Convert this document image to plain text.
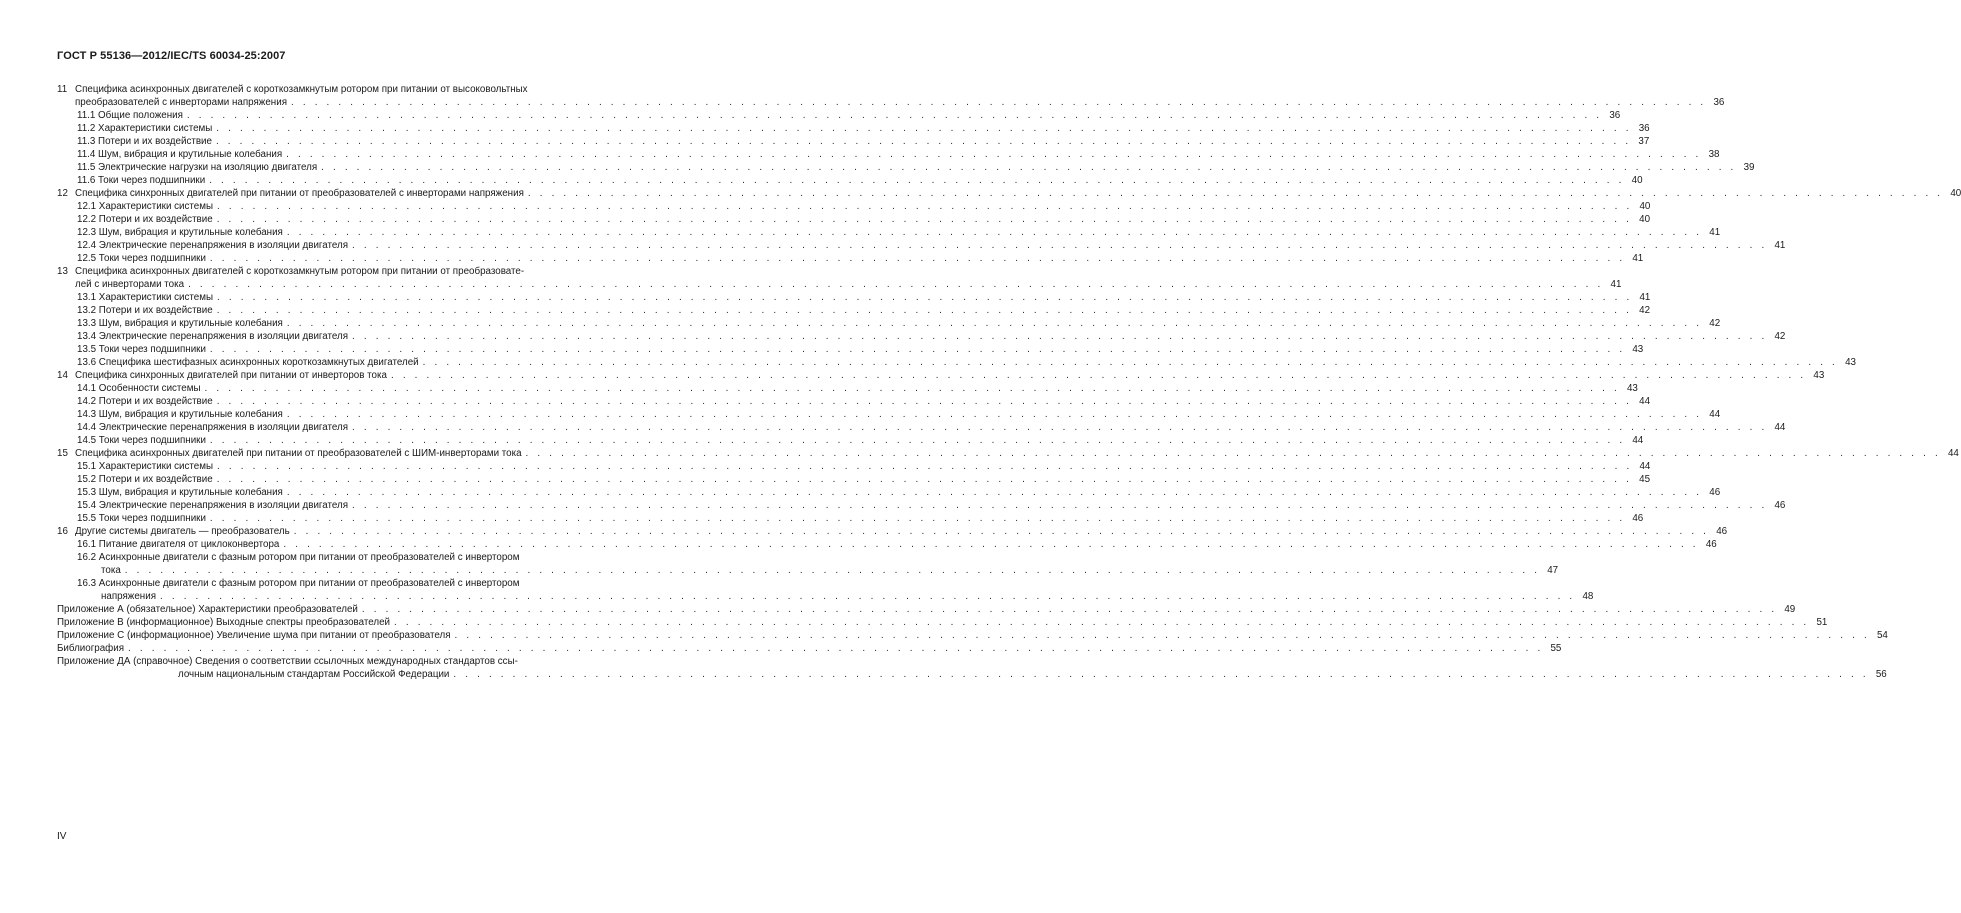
ГОСТ Р 55136—2012/IEC/TS 60034-25:2007
11 Спецификa асинхронных двигателей с короткозамкнутым ротором при питании от высоковольтных
преобразователей с инверторами напряжения . . . . . . . . . . . . . . . . . . . . . . . . . . . . . . . . . . . . . . . . . . . . . . . . . . . . . . . . . . . . . . . . . . . . . . . . . . . . . . . . . . . . . . . . . . . . . . . . . . . . . . . . . . . . . . . . . . . . . . . . 36
11.1 Общие положения . . . . . . . . . . . . . . . . . . . . . . . . . . . . . . . . . . . . . . . . . . . . . . . . . . . . . . . . . . . . . . . . . . . . . . . . . . . . . . . . . . . . . . . . . . . . . . . . . . . . . . . . . . . . . . . . . . . . . . . . 36
11.2 Характеристики системы . . . . . . . . . . . . . . . . . . . . . . . . . . . . . . . . . . . . . . . . . . . . . . . . . . . . . . . . . . . . . . . . . . . . . . . . . . . . . . . . . . . . . . . . . . . . . . . . . . . . . . . . . . . . . . . . . . . . . . . . 36
11.3 Потери и их воздействие . . . . . . . . . . . . . . . . . . . . . . . . . . . . . . . . . . . . . . . . . . . . . . . . . . . . . . . . . . . . . . . . . . . . . . . . . . . . . . . . . . . . . . . . . . . . . . . . . . . . . . . . . . . . . . . . . . . . . . . . 37
11.4 Шум, вибрация и крутильные колебания . . . . . . . . . . . . . . . . . . . . . . . . . . . . . . . . . . . . . . . . . . . . . . . . . . . . . . . . . . . . . . . . . . . . . . . . . . . . . . . . . . . . . . . . . . . . . . . . . . . . . . . . . . . . . . . . . . . . . . . . 38
11.5 Электрические нагрузки на изоляцию двигателя . . . . . . . . . . . . . . . . . . . . . . . . . . . . . . . . . . . . . . . . . . . . . . . . . . . . . . . . . . . . . . . . . . . . . . . . . . . . . . . . . . . . . . . . . . . . . . . . . . . . . . . . . . . . . . . . . . . . . . . . 39
11.6 Токи через подшипники . . . . . . . . . . . . . . . . . . . . . . . . . . . . . . . . . . . . . . . . . . . . . . . . . . . . . . . . . . . . . . . . . . . . . . . . . . . . . . . . . . . . . . . . . . . . . . . . . . . . . . . . . . . . . . . . . . . . . . . . 40
12 Спецификa синхронных двигателей при питании от преобразователей с инверторами напряжения . . . . . . . . . . . . . . . . . . . . . . . . . . . . . . . . . . . . . . . . . . . . . . . . . . . . . . . . . . . . . . . . . . . . . . . . . . . . . . . . . . . . . . . . . . . . . . . . . . . . . . . . . . . . . . . . . . . . . . . . 40
12.1 Характеристики системы . . . . . . . . . . . . . . . . . . . . . . . . . . . . . . . . . . . . . . . . . . . . . . . . . . . . . . . . . . . . . . . . . . . . . . . . . . . . . . . . . . . . . . . . . . . . . . . . . . . . . . . . . . . . . . . . . . . . . . . . 40
12.2 Потери и их воздействие . . . . . . . . . . . . . . . . . . . . . . . . . . . . . . . . . . . . . . . . . . . . . . . . . . . . . . . . . . . . . . . . . . . . . . . . . . . . . . . . . . . . . . . . . . . . . . . . . . . . . . . . . . . . . . . . . . . . . . . . 40
12.3 Шум, вибрация и крутильные колебания . . . . . . . . . . . . . . . . . . . . . . . . . . . . . . . . . . . . . . . . . . . . . . . . . . . . . . . . . . . . . . . . . . . . . . . . . . . . . . . . . . . . . . . . . . . . . . . . . . . . . . . . . . . . . . . . . . . . . . . . 41
12.4 Электрические перенапряжения в изоляции двигателя . . . . . . . . . . . . . . . . . . . . . . . . . . . . . . . . . . . . . . . . . . . . . . . . . . . . . . . . . . . . . . . . . . . . . . . . . . . . . . . . . . . . . . . . . . . . . . . . . . . . . . . . . . . . . . . . . . . . . . . . 41
12.5 Токи через подшипники . . . . . . . . . . . . . . . . . . . . . . . . . . . . . . . . . . . . . . . . . . . . . . . . . . . . . . . . . . . . . . . . . . . . . . . . . . . . . . . . . . . . . . . . . . . . . . . . . . . . . . . . . . . . . . . . . . . . . . . . 41
13 Спецификa асинхронных двигателей с короткозамкнутым ротором при питании от преобразовате-
лей с инверторами тока . . . . . . . . . . . . . . . . . . . . . . . . . . . . . . . . . . . . . . . . . . . . . . . . . . . . . . . . . . . . . . . . . . . . . . . . . . . . . . . . . . . . . . . . . . . . . . . . . . . . . . . . . . . . . . . . . . . . . . . . 41
13.1 Характеристики системы . . . . . . . . . . . . . . . . . . . . . . . . . . . . . . . . . . . . . . . . . . . . . . . . . . . . . . . . . . . . . . . . . . . . . . . . . . . . . . . . . . . . . . . . . . . . . . . . . . . . . . . . . . . . . . . . . . . . . . . . 41
13.2 Потери и их воздействие . . . . . . . . . . . . . . . . . . . . . . . . . . . . . . . . . . . . . . . . . . . . . . . . . . . . . . . . . . . . . . . . . . . . . . . . . . . . . . . . . . . . . . . . . . . . . . . . . . . . . . . . . . . . . . . . . . . . . . . . 42
13.3 Шум, вибрация и крутильные колебания . . . . . . . . . . . . . . . . . . . . . . . . . . . . . . . . . . . . . . . . . . . . . . . . . . . . . . . . . . . . . . . . . . . . . . . . . . . . . . . . . . . . . . . . . . . . . . . . . . . . . . . . . . . . . . . . . . . . . . . . 42
13.4 Электрические перенапряжения в изоляции двигателя . . . . . . . . . . . . . . . . . . . . . . . . . . . . . . . . . . . . . . . . . . . . . . . . . . . . . . . . . . . . . . . . . . . . . . . . . . . . . . . . . . . . . . . . . . . . . . . . . . . . . . . . . . . . . . . . . . . . . . . . 42
13.5 Токи через подшипники . . . . . . . . . . . . . . . . . . . . . . . . . . . . . . . . . . . . . . . . . . . . . . . . . . . . . . . . . . . . . . . . . . . . . . . . . . . . . . . . . . . . . . . . . . . . . . . . . . . . . . . . . . . . . . . . . . . . . . . . 43
13.6 Спецификa шестифазных асинхронных короткозамкнутых двигателей . . . . . . . . . . . . . . . . . . . . . . . . . . . . . . . . . . . . . . . . . . . . . . . . . . . . . . . . . . . . . . . . . . . . . . . . . . . . . . . . . . . . . . . . . . . . . . . . . . . . . . . . . . . . . . . . . . . . . . . . 43
14 Спецификa синхронных двигателей при питании от инверторов тока . . . . . . . . . . . . . . . . . . . . . . . . . . . . . . . . . . . . . . . . . . . . . . . . . . . . . . . . . . . . . . . . . . . . . . . . . . . . . . . . . . . . . . . . . . . . . . . . . . . . . . . . . . . . . . . . . . . . . . . . 43
14.1 Особенности системы . . . . . . . . . . . . . . . . . . . . . . . . . . . . . . . . . . . . . . . . . . . . . . . . . . . . . . . . . . . . . . . . . . . . . . . . . . . . . . . . . . . . . . . . . . . . . . . . . . . . . . . . . . . . . . . . . . . . . . . . 43
14.2 Потери и их воздействие . . . . . . . . . . . . . . . . . . . . . . . . . . . . . . . . . . . . . . . . . . . . . . . . . . . . . . . . . . . . . . . . . . . . . . . . . . . . . . . . . . . . . . . . . . . . . . . . . . . . . . . . . . . . . . . . . . . . . . . . 44
14.3 Шум, вибрация и крутильные колебания . . . . . . . . . . . . . . . . . . . . . . . . . . . . . . . . . . . . . . . . . . . . . . . . . . . . . . . . . . . . . . . . . . . . . . . . . . . . . . . . . . . . . . . . . . . . . . . . . . . . . . . . . . . . . . . . . . . . . . . . 44
14.4 Электрические перенапряжения в изоляции двигателя . . . . . . . . . . . . . . . . . . . . . . . . . . . . . . . . . . . . . . . . . . . . . . . . . . . . . . . . . . . . . . . . . . . . . . . . . . . . . . . . . . . . . . . . . . . . . . . . . . . . . . . . . . . . . . . . . . . . . . . . 44
14.5 Токи через подшипники . . . . . . . . . . . . . . . . . . . . . . . . . . . . . . . . . . . . . . . . . . . . . . . . . . . . . . . . . . . . . . . . . . . . . . . . . . . . . . . . . . . . . . . . . . . . . . . . . . . . . . . . . . . . . . . . . . . . . . . . 44
15 Спецификa асинхронных двигателей при питании от преобразователей с ШИМ-инверторами тока . . . . . . . . . . . . . . . . . . . . . . . . . . . . . . . . . . . . . . . . . . . . . . . . . . . . . . . . . . . . . . . . . . . . . . . . . . . . . . . . . . . . . . . . . . . . . . . . . . . . . . . . . . . . . . . . . . . . . . . . 44
15.1 Характеристики системы . . . . . . . . . . . . . . . . . . . . . . . . . . . . . . . . . . . . . . . . . . . . . . . . . . . . . . . . . . . . . . . . . . . . . . . . . . . . . . . . . . . . . . . . . . . . . . . . . . . . . . . . . . . . . . . . . . . . . . . . 44
15.2 Потери и их воздействие . . . . . . . . . . . . . . . . . . . . . . . . . . . . . . . . . . . . . . . . . . . . . . . . . . . . . . . . . . . . . . . . . . . . . . . . . . . . . . . . . . . . . . . . . . . . . . . . . . . . . . . . . . . . . . . . . . . . . . . . 45
15.3 Шум, вибрация и крутильные колебания . . . . . . . . . . . . . . . . . . . . . . . . . . . . . . . . . . . . . . . . . . . . . . . . . . . . . . . . . . . . . . . . . . . . . . . . . . . . . . . . . . . . . . . . . . . . . . . . . . . . . . . . . . . . . . . . . . . . . . . . 46
15.4 Электрические перенапряжения в изоляции двигателя . . . . . . . . . . . . . . . . . . . . . . . . . . . . . . . . . . . . . . . . . . . . . . . . . . . . . . . . . . . . . . . . . . . . . . . . . . . . . . . . . . . . . . . . . . . . . . . . . . . . . . . . . . . . . . . . . . . . . . . . 46
15.5 Токи через подшипники . . . . . . . . . . . . . . . . . . . . . . . . . . . . . . . . . . . . . . . . . . . . . . . . . . . . . . . . . . . . . . . . . . . . . . . . . . . . . . . . . . . . . . . . . . . . . . . . . . . . . . . . . . . . . . . . . . . . . . . . 46
16 Другие системы двигатель — преобразователь . . . . . . . . . . . . . . . . . . . . . . . . . . . . . . . . . . . . . . . . . . . . . . . . . . . . . . . . . . . . . . . . . . . . . . . . . . . . . . . . . . . . . . . . . . . . . . . . . . . . . . . . . . . . . . . . . . . . . . . . 46
16.1 Питание двигателя от циклоконвертора . . . . . . . . . . . . . . . . . . . . . . . . . . . . . . . . . . . . . . . . . . . . . . . . . . . . . . . . . . . . . . . . . . . . . . . . . . . . . . . . . . . . . . . . . . . . . . . . . . . . . . . . . . . . . . . . . . . . . . . . 46
16.2 Асинхронные двигатели с фазным ротором при питании от преобразователей с инвертором
тока . . . . . . . . . . . . . . . . . . . . . . . . . . . . . . . . . . . . . . . . . . . . . . . . . . . . . . . . . . . . . . . . . . . . . . . . . . . . . . . . . . . . . . . . . . . . . . . . . . . . . . . . . . . . . . . . . . . . . . . . 47
16.3 Асинхронные двигатели с фазным ротором при питании от преобразователей с инвертором
напряжения . . . . . . . . . . . . . . . . . . . . . . . . . . . . . . . . . . . . . . . . . . . . . . . . . . . . . . . . . . . . . . . . . . . . . . . . . . . . . . . . . . . . . . . . . . . . . . . . . . . . . . . . . . . . . . . . . . . . . . . . 48
Приложение А (обязательное) Характеристики преобразователей . . . . . . . . . . . . . . . . . . . . . . . . . . . . . . . . . . . . . . . . . . . . . . . . . . . . . . . . . . . . . . . . . . . . . . . . . . . . . . . . . . . . . . . . . . . . . . . . . . . . . . . . . . . . . . . . . . . . . . . . 49
Приложение В (информационное) Выходные спектры преобразователей . . . . . . . . . . . . . . . . . . . . . . . . . . . . . . . . . . . . . . . . . . . . . . . . . . . . . . . . . . . . . . . . . . . . . . . . . . . . . . . . . . . . . . . . . . . . . . . . . . . . . . . . . . . . . . . . . . . . . . . . 51
Приложение С (информационное) Увеличение шума при питании от преобразователя . . . . . . . . . . . . . . . . . . . . . . . . . . . . . . . . . . . . . . . . . . . . . . . . . . . . . . . . . . . . . . . . . . . . . . . . . . . . . . . . . . . . . . . . . . . . . . . . . . . . . . . . . . . . . . . . . . . . . . . . 54
Библиография . . . . . . . . . . . . . . . . . . . . . . . . . . . . . . . . . . . . . . . . . . . . . . . . . . . . . . . . . . . . . . . . . . . . . . . . . . . . . . . . . . . . . . . . . . . . . . . . . . . . . . . . . . . . . . . . . . . . . . . . 55
Приложение ДА (справочное) Сведения о соответствии ссылочных международных стандартов ссы-
лочным национальным стандартам Российской Федерации . . . . . . . . . . . . . . . . . . . . . . . . . . . . . . . . . . . . . . . . . . . . . . . . . . . . . . . . . . . . . . . . . . . . . . . . . . . . . . . . . . . . . . . . . . . . . . . . . . . . . . . . . . . . . . . . . . . . . . . . 56
IV
